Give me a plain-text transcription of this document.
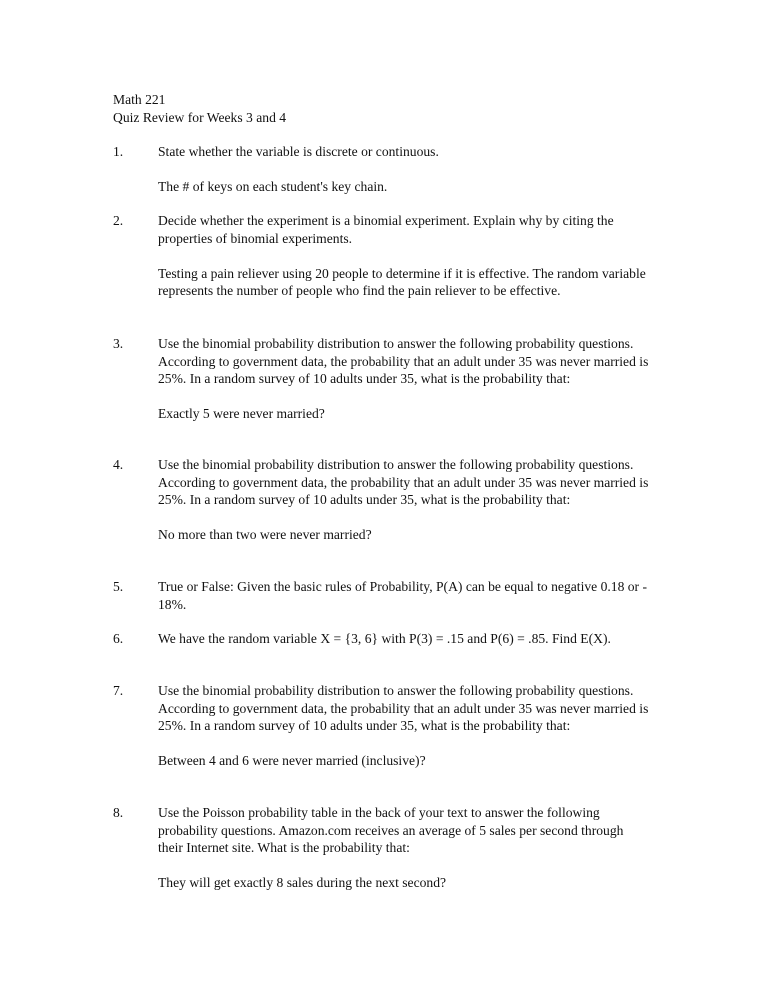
Math 221
Quiz Review for Weeks 3 and 4
1.	State whether the variable is discrete or continuous.

The # of keys on each student's key chain.

2.	Decide whether the experiment is a binomial experiment. Explain why by citing the properties of binomial experiments.

Testing a pain reliever using 20 people to determine if it is effective. The random variable represents the number of people who find the pain reliever to be effective.

3.	Use the binomial probability distribution to answer the following probability questions. According to government data, the probability that an adult under 35 was never married is 25%. In a random survey of 10 adults under 35, what is the probability that:

Exactly 5 were never married?

4.	Use the binomial probability distribution to answer the following probability questions. According to government data, the probability that an adult under 35 was never married is 25%. In a random survey of 10 adults under 35, what is the probability that:

No more than two were never married?

5.	True or False: Given the basic rules of Probability, P(A) can be equal to negative 0.18 or - 18%.

6.	We have the random variable X = {3, 6} with P(3) = .15 and P(6) = .85. Find E(X).

7.	Use the binomial probability distribution to answer the following probability questions. According to government data, the probability that an adult under 35 was never married is 25%. In a random survey of 10 adults under 35, what is the probability that:

Between 4 and 6 were never married (inclusive)?

8.	Use the Poisson probability table in the back of your text to answer the following probability questions. Amazon.com receives an average of 5 sales per second through their Internet site. What is the probability that:

They will get exactly 8 sales during the next second?
